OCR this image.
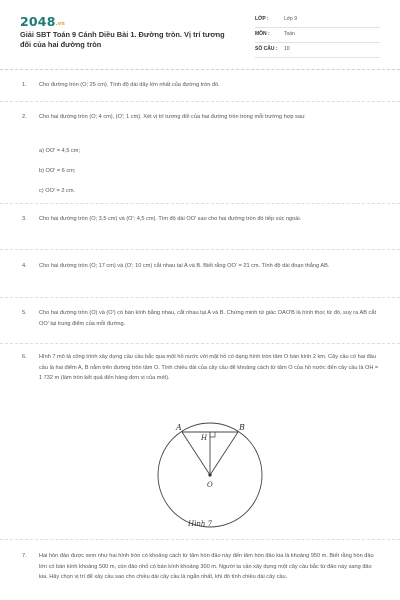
2048.vn
Giải SBT Toán 9 Cánh Diều Bài 1. Đường tròn. Vị trí tương đối của hai đường tròn
LỚP :	Lớp 9
MÔN :	Toán
SỐ CÂU : 10
1. Cho đường tròn (O; 25 cm). Tính độ dài dây lớn nhất của đường tròn đó.
2. Cho hai đường tròn (O; 4 cm), (O'; 1 cm). Xét vị trí tương đối của hai đường tròn trong mỗi trường hợp sau:
a) OO' = 4,5 cm;
b) OO' = 6 cm;
c) OO' = 2 cm.
3. Cho hai đường tròn (O; 3,5 cm) và (O'; 4,5 cm). Tìm độ dài OO' sao cho hai đường tròn đó tiếp xúc ngoài.
4. Cho hai đường tròn (O; 17 cm) và (O'; 10 cm) cắt nhau tại A và B. Biết rằng OO' = 21 cm. Tính độ dài đoạn thẳng AB.
5. Cho hai đường tròn (O) và (O') có bán kính bằng nhau, cắt nhau tại A và B. Chứng minh tứ giác OAO'B là hình thoi; từ đó, suy ra AB cắt OO' tại trung điểm của mỗi đường.
6. Hình 7 mô tả công trình xây dựng cầu cầu bắc qua một hồ nước với mặt hồ có dạng hình tròn tâm O bán kính 2 km. Cây cầu có hai đầu cầu là hai điểm A, B nằm trên đường tròn tâm O. Tính chiều dài của cây cầu để khoảng cách từ tâm O của hồ nước đến cây cầu là OH = 1 732 m (làm tròn kết quả đến hàng đơn vị của mét).
A	B
H
O
Hình 7
7. Hai hòn đảo được xem như hai hình tròn có khoảng cách từ tâm hòn đảo này đến tâm hòn đảo kia là khoảng 950 m. Biết rằng hòn đảo lớn có bán kính khoảng 500 m, còn đảo nhỏ có bán kính khoảng 300 m. Người ta cần xây dựng một cây cầu bắc từ đảo này sang đảo kia. Hãy chọn vị trí để xây cầu sao cho chiều dài cây cầu là ngắn nhất, khi đó tính chiều dài cây cầu.
